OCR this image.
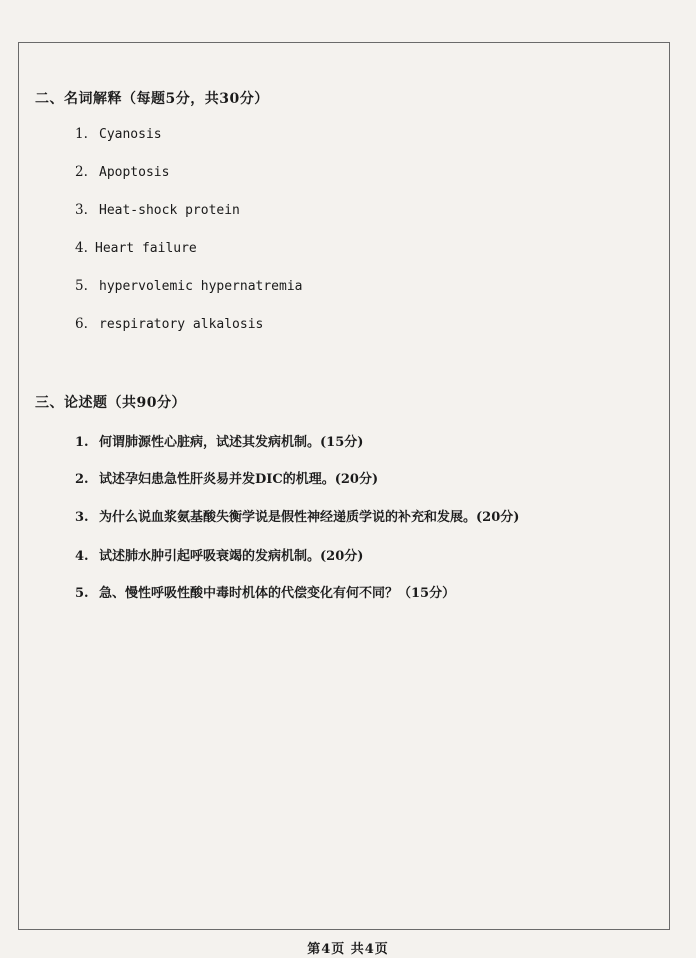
二、名词解释（每题5分，共30分）
1. Cyanosis
2. Apoptosis
3. Heat-shock protein
4. Heart failure
5. hypervolemic hypernatremia
6. respiratory alkalosis
三、论述题（共90分）
1. 何谓肺源性心脏病，试述其发病机制。(15分)
2. 试述孕妇患急性肝炎易并发DIC的机理。(20分)
3. 为什么说血浆氨基酸失衡学说是假性神经递质学说的补充和发展。(20分)
4. 试述肺水肿引起呼吸衰竭的发病机制。(20分)
5. 急、慢性呼吸性酸中毒时机体的代偿变化有何不同？（15分）
第4页 共4页
